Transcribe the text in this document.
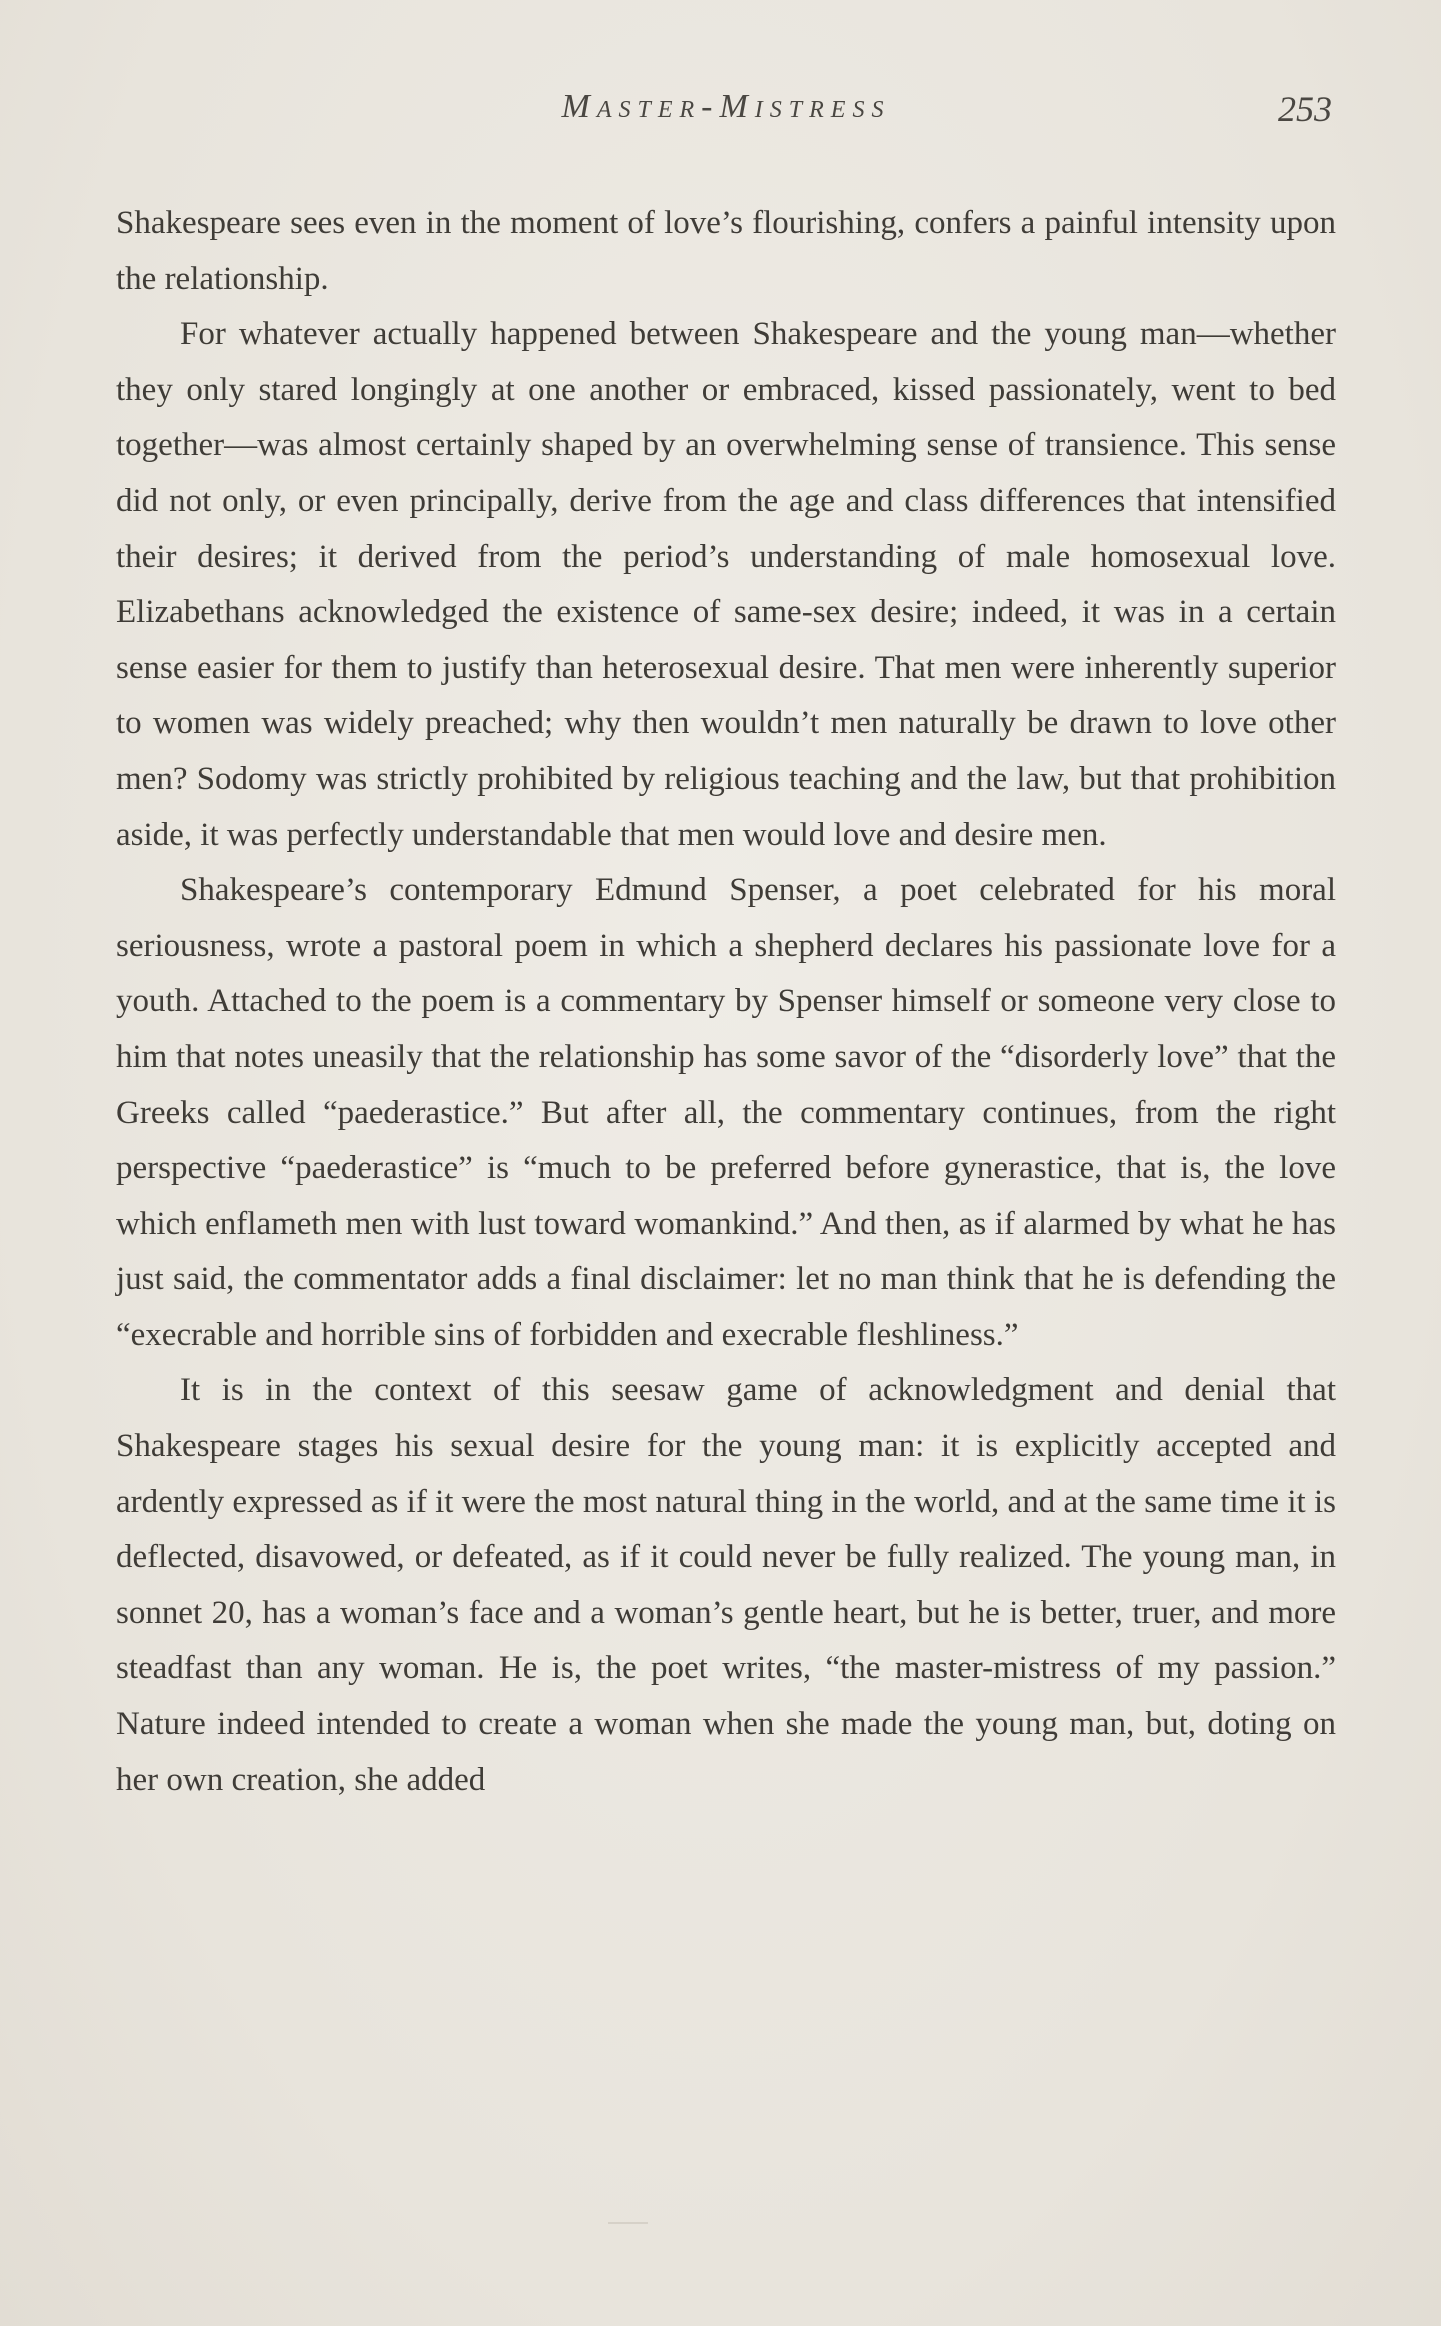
Master-Mistress	253

Shakespeare sees even in the moment of love’s flourishing, confers a painful intensity upon the relationship.

For whatever actually happened between Shakespeare and the young man—whether they only stared longingly at one another or embraced, kissed passionately, went to bed together—was almost certainly shaped by an overwhelming sense of transience. This sense did not only, or even principally, derive from the age and class differences that intensified their desires; it derived from the period’s understanding of male homosexual love. Elizabethans acknowledged the existence of same-sex desire; indeed, it was in a certain sense easier for them to justify than heterosexual desire. That men were inherently superior to women was widely preached; why then wouldn’t men naturally be drawn to love other men? Sodomy was strictly prohibited by religious teaching and the law, but that prohibition aside, it was perfectly understandable that men would love and desire men.

Shakespeare’s contemporary Edmund Spenser, a poet celebrated for his moral seriousness, wrote a pastoral poem in which a shepherd declares his passionate love for a youth. Attached to the poem is a commentary by Spenser himself or someone very close to him that notes uneasily that the relationship has some savor of the “disorderly love” that the Greeks called “paederastice.” But after all, the commentary continues, from the right perspective “paederastice” is “much to be preferred before gynerastice, that is, the love which enflameth men with lust toward womankind.” And then, as if alarmed by what he has just said, the commentator adds a final disclaimer: let no man think that he is defending the “execrable and horrible sins of forbidden and execrable fleshliness.”

It is in the context of this seesaw game of acknowledgment and denial that Shakespeare stages his sexual desire for the young man: it is explicitly accepted and ardently expressed as if it were the most natural thing in the world, and at the same time it is deflected, disavowed, or defeated, as if it could never be fully realized. The young man, in sonnet 20, has a woman’s face and a woman’s gentle heart, but he is better, truer, and more steadfast than any woman. He is, the poet writes, “the master-mistress of my passion.” Nature indeed intended to create a woman when she made the young man, but, doting on her own creation, she added
